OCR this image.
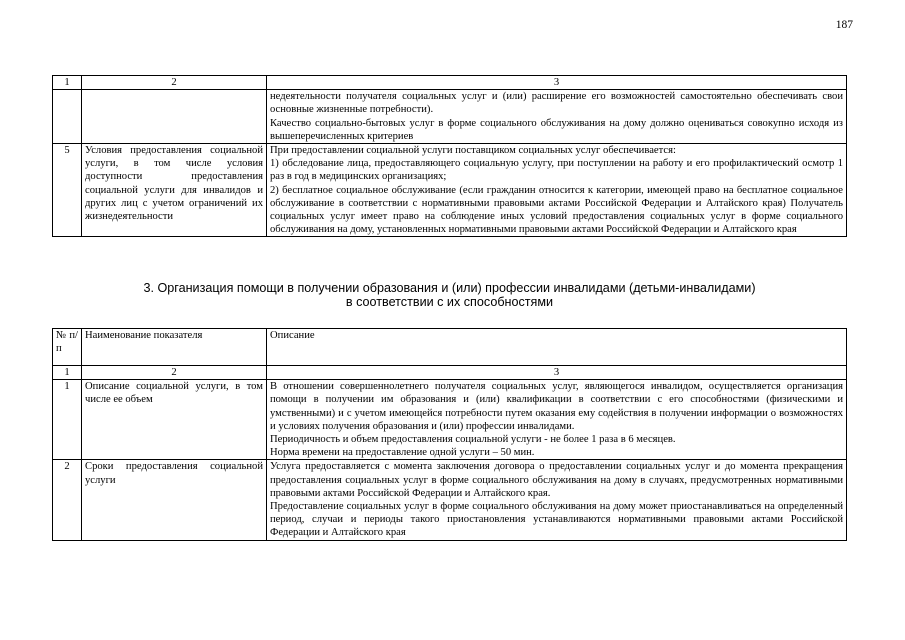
187
1	2	3

		недеятельности получателя социальных услуг и (или) расширение его возможностей самостоятельно обеспечивать свои основные жизненные потребности).

Качество социально-бытовых услуг в форме социального обслуживания на дому должно оцениваться совокупно исходя из вышеперечисленных критериев

5	Условия предоставления социальной услуги, в том числе условия доступности предоставления социальной услуги для инвалидов и других лиц с учетом ограничений их жизнедеятельности	При предоставлении социальной услуги поставщиком социальных услуг обеспечивается:

1) обследование лица, предоставляющего социальную услугу, при поступлении на работу и его профилактический осмотр 1 раз в год в медицинских организациях;

2) бесплатное социальное обслуживание (если гражданин относится к категории, имеющей право на бесплатное социальное обслуживание в соответствии с нормативными правовыми актами Российской Федерации и Алтайского края) Получатель социальных услуг имеет право на соблюдение иных условий предоставления социальных услуг в форме социального обслуживания на дому, установленных нормативными правовыми актами Российской Федерации и Алтайского края

3. Организация помощи в получении образования и (или) профессии инвалидами (детьми-инвалидами)
в соответствии с их способностями
№ п/п	Наименование показателя	Описание
1	2	3
1	Описание социальной услуги, в том числе ее объем	В отношении совершеннолетнего получателя социальных услуг, являющегося инвалидом, осуществляется организация помощи в получении им образования и (или) квалификации в соответствии с его способностями (физическими и умственными) и с учетом имеющейся потребности путем оказания ему содействия в получении информации о возможностях и условиях получения образования и (или) профессии инвалидами.

Периодичность и объем предоставления социальной услуги - не более 1 раза в 6 месяцев.

Норма времени на предоставление одной услуги – 50 мин.

2	Сроки предоставления социальной услуги	Услуга предоставляется с момента заключения договора о предоставлении социальных услуг и до момента прекращения предоставления социальных услуг в форме социального обслуживания на дому в случаях, предусмотренных нормативными правовыми актами Российской Федерации и Алтайского края.

Предоставление социальных услуг в форме социального обслуживания на дому может приостанавливаться на определенный период, случаи и периоды такого приостановления устанавливаются нормативными правовыми актами Российской Федерации и Алтайского края
